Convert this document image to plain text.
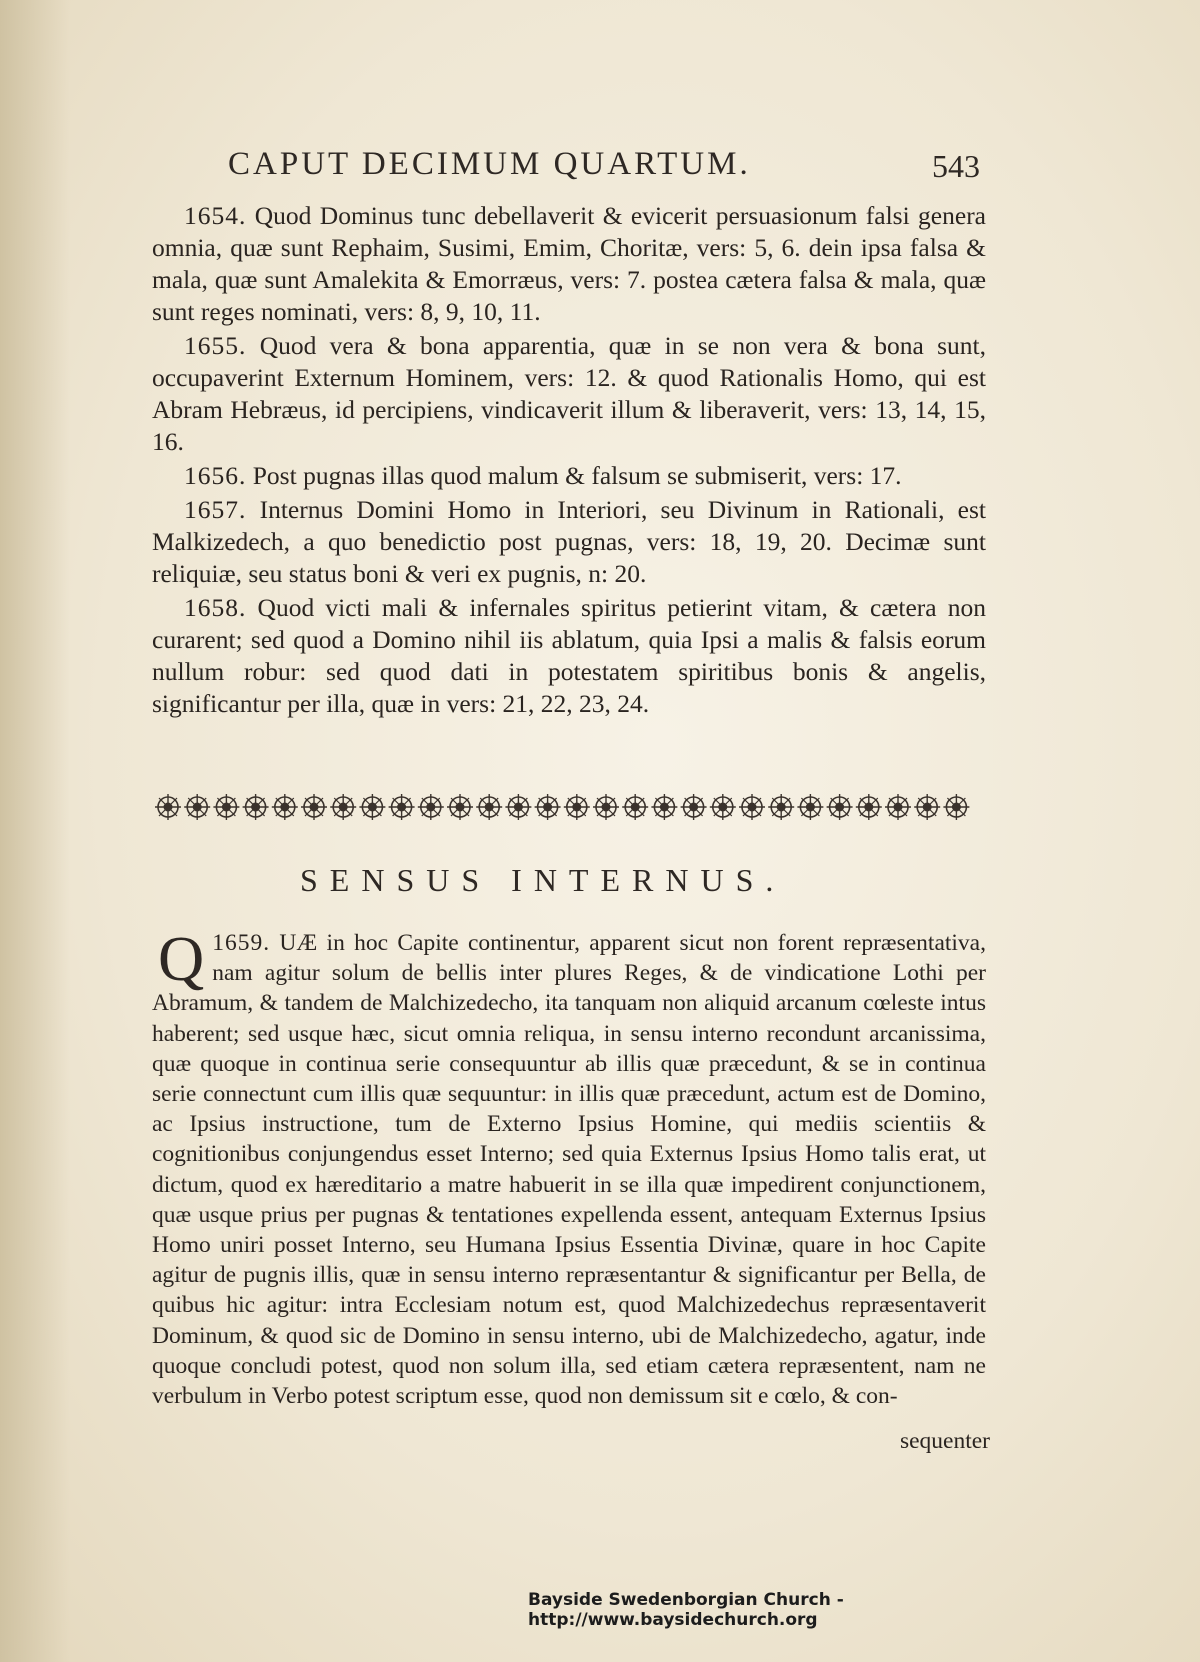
CAPUT DECIMUM QUARTUM.	543

1654. Quod Dominus tunc debellaverit & evicerit persuasionum falsi genera omnia, quæ sunt Rephaim, Susimi, Emim, Choritæ, vers: 5, 6. dein ipsa falsa & mala, quæ sunt Amalekita & Emorræus, vers: 7. postea cætera falsa & mala, quæ sunt reges nominati, vers: 8, 9, 10, 11.

1655. Quod vera & bona apparentia, quæ in se non vera & bona sunt, occupaverint Externum Hominem, vers: 12. & quod Rationalis Homo, qui est Abram Hebræus, id percipiens, vindicaverit illum & liberaverit, vers: 13, 14, 15, 16.

1656. Post pugnas illas quod malum & falsum se submiserit, vers: 17.

1657. Internus Domini Homo in Interiori, seu Divinum in Rationali, est Malkizedech, a quo benedictio post pugnas, vers: 18, 19, 20. Decimæ sunt reliquiæ, seu status boni & veri ex pugnis, n: 20.

1658. Quod victi mali & infernales spiritus petierint vitam, & cætera non curarent; sed quod a Domino nihil iis ablatum, quia Ipsi a malis & falsis eorum nullum robur: sed quod dati in potestatem spiritibus bonis & angelis, significantur per illa, quæ in vers: 21, 22, 23, 24.

SENSUS INTERNUS.

1659.
Q	UÆ in hoc Capite continentur, apparent sicut non forent repræsentativa, nam agitur solum de bellis inter plures Reges, & de vindicatione Lothi per Abramum, & tandem de Malchizedecho, ita tanquam non aliquid arcanum cœleste intus haberent; sed usque hæc, sicut omnia reliqua, in sensu interno recondunt arcanissima, quæ quoque in continua serie consequuntur ab illis quæ præcedunt, & se in continua serie connectunt cum illis quæ sequuntur: in illis quæ præcedunt, actum est de Domino, ac Ipsius instructione, tum de Externo Ipsius Homine, qui mediis scientiis & cognitionibus conjungendus esset Interno; sed quia Externus Ipsius Homo talis erat, ut dictum, quod ex hæreditario a matre habuerit in se illa quæ impedirent conjunctionem, quæ usque prius per pugnas & tentationes expellenda essent, antequam Externus Ipsius Homo uniri posset Interno, seu Humana Ipsius Essentia Divinæ, quare in hoc Capite agitur de pugnis illis, quæ in sensu interno repræsentantur & significantur per Bella, de quibus hic agitur: intra Ecclesiam notum est, quod Malchizedechus repræsentaverit Dominum, & quod sic de Domino in sensu interno, ubi de Malchizedecho, agatur, inde quoque concludi potest, quod non solum illa, sed etiam cætera repræsentent, nam ne verbulum in Verbo potest scriptum esse, quod non demissum sit e cœlo, & con-

sequenter
Bayside Swedenborgian Church - http://www.baysidechurch.org
